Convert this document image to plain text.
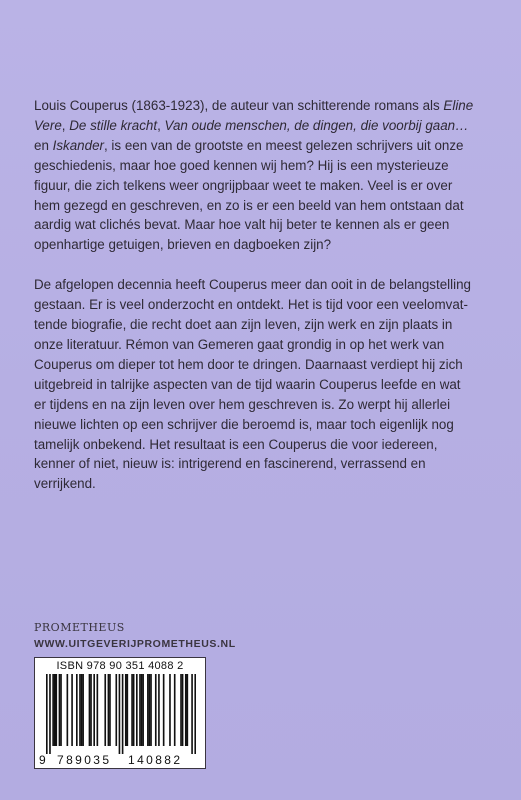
Louis Couperus (1863-1923), de auteur van schitterende romans als Eline
Vere, De stille kracht, Van oude menschen, de dingen, die voorbij gaan…
en Iskander, is een van de grootste en meest gelezen schrijvers uit onze
geschiedenis, maar hoe goed kennen wij hem? Hij is een mysterieuze
figuur, die zich telkens weer ongrijpbaar weet te maken. Veel is er over
hem gezegd en geschreven, en zo is er een beeld van hem ontstaan dat
aardig wat clichés bevat. Maar hoe valt hij beter te kennen als er geen
openhartige getuigen, brieven en dagboeken zijn?

De afgelopen decennia heeft Couperus meer dan ooit in de belangstelling
gestaan. Er is veel onderzocht en ontdekt. Het is tijd voor een veelomvat-
tende biografie, die recht doet aan zijn leven, zijn werk en zijn plaats in
onze literatuur. Rémon van Gemeren gaat grondig in op het werk van
Couperus om dieper tot hem door te dringen. Daarnaast verdiept hij zich
uitgebreid in talrijke aspecten van de tijd waarin Couperus leefde en wat
er tijdens en na zijn leven over hem geschreven is. Zo werpt hij allerlei
nieuwe lichten op een schrijver die beroemd is, maar toch eigenlijk nog
tamelijk onbekend. Het resultaat is een Couperus die voor iedereen,
kenner of niet, nieuw is: intrigerend en fascinerend, verrassend en
verrijkend.

PROMETHEUS
WWW.UITGEVERIJPROMETHEUS.NL
ISBN 978 90 351 4088 2
9 789035 140882
